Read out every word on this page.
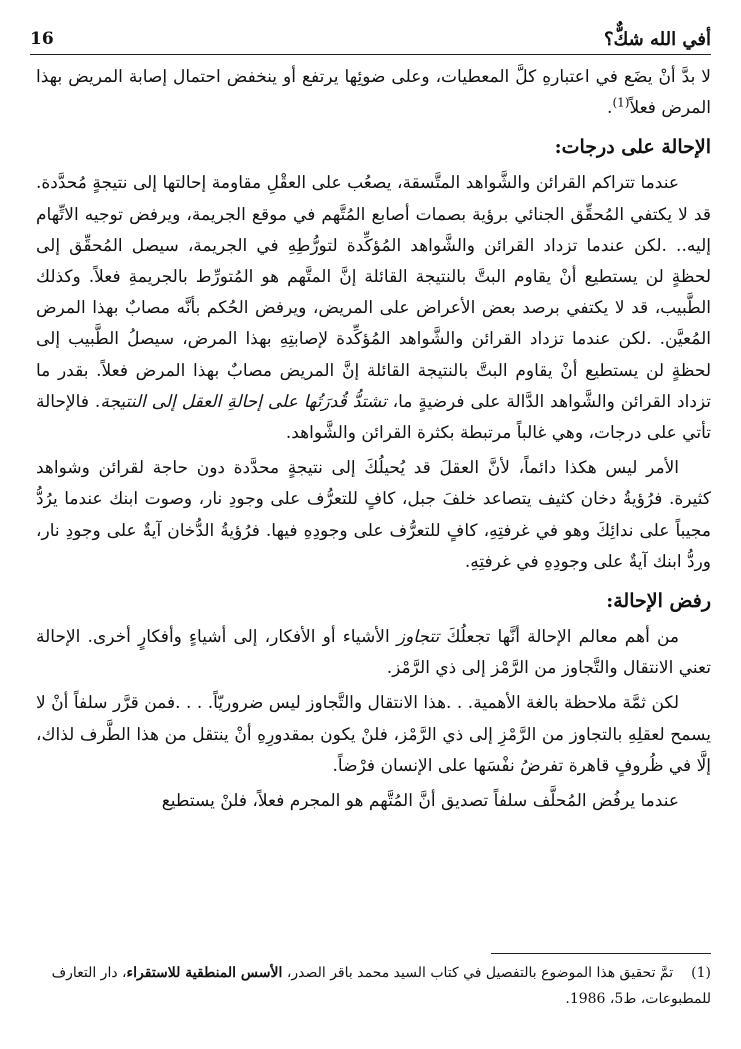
16	أفي الله شكٌّ؟

لا بدَّ أنْ يضَع في اعتبارهِ كلَّ المعطيات، وعلى ضوئِها يرتفع أو ينخفض احتمال إصابة المريض بهذا المرض فعلاً$^{(1)}$.

الإحالة على درجات:

عندما تتراكم القرائن والشَّواهد المتَّسقة، يصعُب على العقْلِ مقاومة إحالتها إلى نتيجةٍ مُحدَّدة. قد لا يكتفي المُحقِّق الجنائي برؤية بصمات أصابع المُتَّهم في موقع الجريمة، ويرفض توجيه الاتِّهام إليه.. .لكن عندما تزداد القرائن والشَّواهد المُؤكِّدة لتورُّطِهِ في الجريمة، سيصل المُحقِّق إلى لحظةٍ لن يستطيع أنْ يقاوم البتَّ بالنتيجة القائلة إنَّ المتَّهم هو المُتورِّط بالجريمةِ فعلاً. وكذلك الطَّبيب، قد لا يكتفي برصد بعض الأعراض على المريض، ويرفض الحُكم بأنَّه مصابٌ بهذا المرض المُعيَّن. .لكن عندما تزداد القرائن والشَّواهد المُؤكِّدة لإصابتِهِ بهذا المرض، سيصلُ الطَّبيب إلى لحظةٍ لن يستطيع أنْ يقاوم البتَّ بالنتيجة القائلة إنَّ المريض مصابٌ بهذا المرض فعلاً. بقدر ما تزداد القرائن والشَّواهد الدَّالة على فرضيةٍ ما، تشتدُّ قُدرَتُها على إحالةِ العقل إلى النتيجة. فالإحالة تأتي على درجات، وهي غالباً مرتبطة بكثرة القرائن والشَّواهد.

الأمر ليس هكذا دائماً، لأنَّ العقلَ قد يُحيلُكَ إلى نتيجةٍ محدَّدة دون حاجة لقرائن وشواهد كثيرة. فرُؤيةُ دخان كثيف يتصاعد خلفَ جبل، كافٍ للتعرُّف على وجودِ نار، وصوت ابنك عندما يرُدُّ مجيباً على ندائِكَ وهو في غرفتِهِ، كافٍ للتعرُّف على وجودِهِ فيها. فرُؤيةُ الدُّخان آيةٌ على وجودِ نار، وردُّ ابنك آيةٌ على وجودِهِ في غرفتِهِ.

رفض الإحالة:

من أهم معالم الإحالة أنَّها تجعلُكَ تتجاوز الأشياء أو الأفكار، إلى أشياءٍ وأفكارٍ أخرى. الإحالة تعني الانتقال والتَّجاوز من الرَّمْز إلى ذي الرَّمْز.

لكن ثمَّة ملاحظة بالغة الأهمية. . .هذا الانتقال والتَّجاوز ليس ضروريّاً. . . .فمن قرَّر سلفاً أنْ لا يسمح لعقلِهِ بالتجاوز من الرَّمْزِ إلى ذي الرَّمْز، فلنْ يكون بمقدورِهِ أنْ ينتقل من هذا الطَّرف لذاك، إلَّا في ظُروفٍ قاهرة تفرضُ نفْسَها على الإنسان فرْضاً.

عندما يرفُض المُحلَّف سلفاً تصديق أنَّ المُتَّهم هو المجرم فعلاً، فلنْ يستطيع

(1)تمَّ تحقيق هذا الموضوع بالتفصيل في كتاب السيد محمد باقر الصدر، الأسس المنطقية للاستقراء، دار التعارف للمطبوعات، ط5، 1986.
